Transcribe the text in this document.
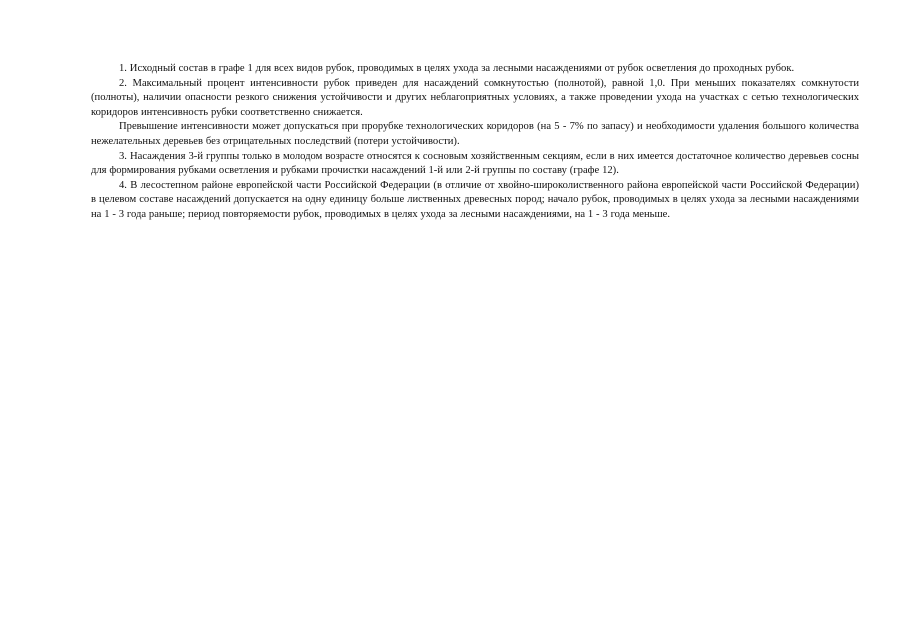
1. Исходный состав в графе 1 для всех видов рубок, проводимых в целях ухода за лесными насаждениями от рубок осветления до проходных рубок.

2. Максимальный процент интенсивности рубок приведен для насаждений сомкнутостью (полнотой), равной 1,0. При меньших показателях сомкнутости (полноты), наличии опасности резкого снижения устойчивости и других неблагоприятных условиях, а также проведении ухода на участках с сетью технологических коридоров интенсивность рубки соответственно снижается.

Превышение интенсивности может допускаться при прорубке технологических коридоров (на 5 - 7% по запасу) и необходимости удаления большого количества нежелательных деревьев без отрицательных последствий (потери устойчивости).

3. Насаждения 3-й группы только в молодом возрасте относятся к сосновым хозяйственным секциям, если в них имеется достаточное количество деревьев сосны для формирования рубками осветления и рубками прочистки насаждений 1-й или 2-й группы по составу (графе 12).

4. В лесостепном районе европейской части Российской Федерации (в отличие от хвойно-широколиственного района европейской части Российской Федерации) в целевом составе насаждений допускается на одну единицу больше лиственных древесных пород; начало рубок, проводимых в целях ухода за лесными насаждениями на 1 - 3 года раньше; период повторяемости рубок, проводимых в целях ухода за лесными насаждениями, на 1 - 3 года меньше.
